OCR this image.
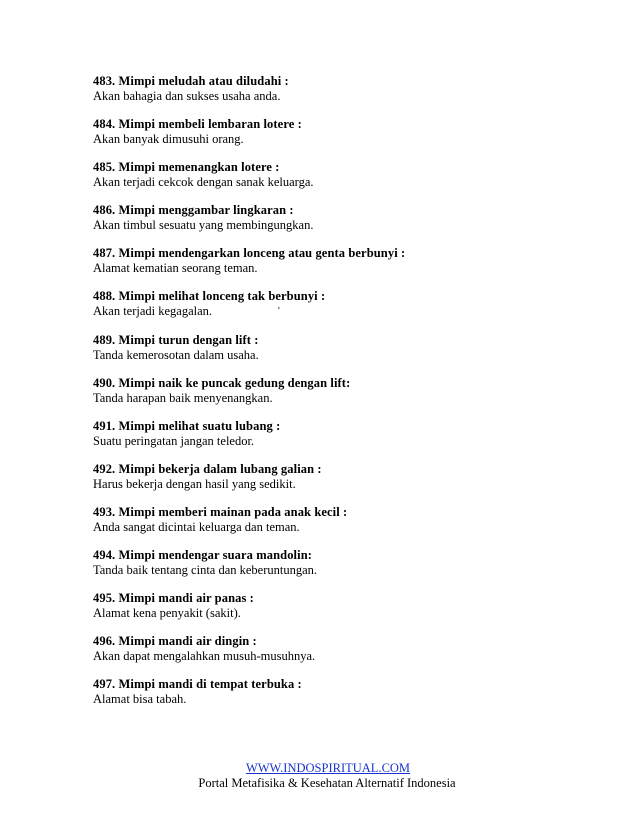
483. Mimpi meludah atau diludahi :
Akan bahagia dan sukses usaha anda.
484. Mimpi membeli lembaran lotere :
Akan banyak dimusuhi orang.
485. Mimpi memenangkan lotere :
Akan terjadi cekcok dengan sanak keluarga.
486. Mimpi menggambar lingkaran :
Akan timbul sesuatu yang membingungkan.
487. Mimpi mendengarkan lonceng atau genta berbunyi :
Alamat kematian seorang teman.
488. Mimpi melihat lonceng tak berbunyi :
Akan terjadi kegagalan.	'
489. Mimpi turun dengan lift :
Tanda kemerosotan dalam usaha.
490. Mimpi naik ke puncak gedung dengan lift:
Tanda harapan baik menyenangkan.
491. Mimpi melihat suatu lubang :
Suatu peringatan jangan teledor.
492. Mimpi bekerja dalam lubang galian :
Harus bekerja dengan hasil yang sedikit.
493. Mimpi memberi mainan pada anak kecil :
Anda sangat dicintai keluarga dan teman.
494. Mimpi mendengar suara mandolin:
Tanda baik tentang cinta dan keberuntungan.
495. Mimpi mandi air panas :
Alamat kena penyakit (sakit).
496. Mimpi mandi air dingin :
Akan dapat mengalahkan musuh-musuhnya.
497. Mimpi mandi di tempat terbuka :
Alamat bisa tabah.
WWW.INDOSPIRITUAL.COM
Portal Metafisika & Kesehatan Alternatif Indonesia
